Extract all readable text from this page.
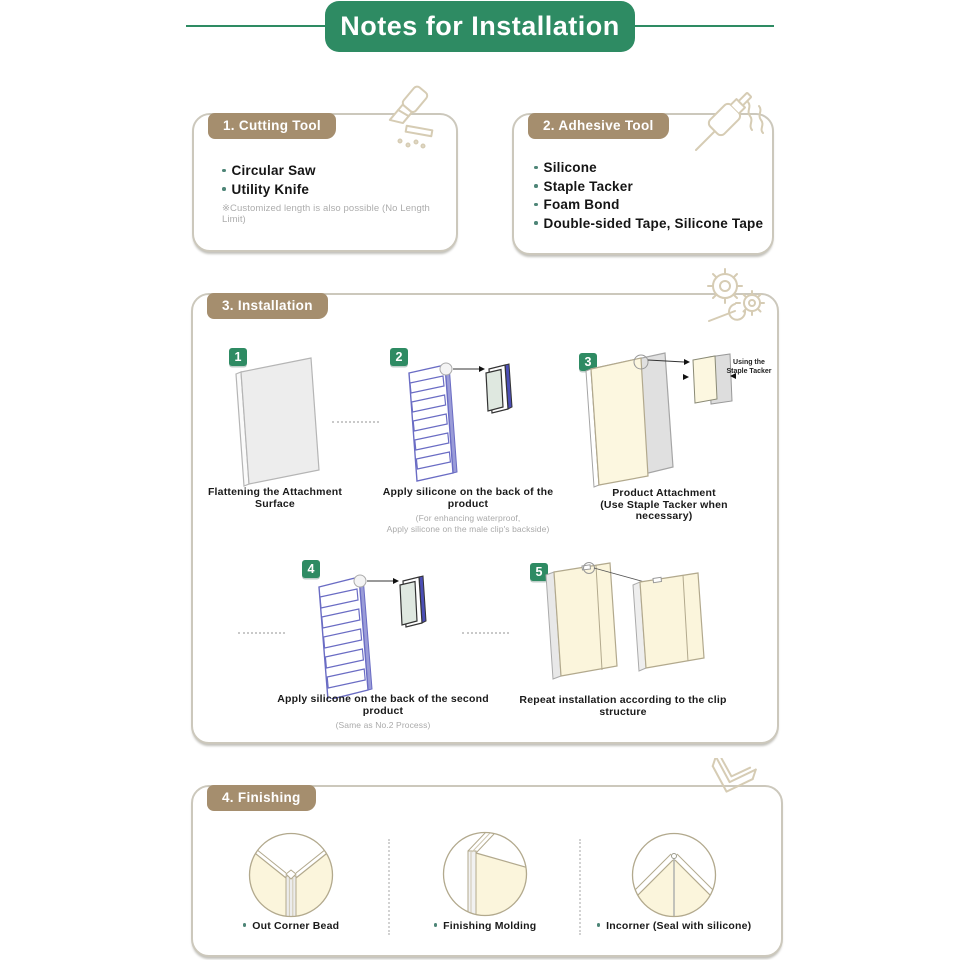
Notes for Installation
1. Cutting Tool
Circular Saw
Utility Knife
※Customized length is also possible (No Length Limit)
2. Adhesive Tool
Silicone
Staple Tacker
Foam Bond
Double-sided Tape, Silicone Tape
3. Installation
1	2	3
4	5
Using the
Staple Tacker
Flattening the Attachment Surface
Apply silicone on the back of the product
(For enhancing waterproof,
Apply silicone on the male clip's backside)
Product Attachment
(Use Staple Tacker when necessary)
Apply silicone on the back of the second product
(Same as No.2 Process)
Repeat installation according to the clip structure
4. Finishing
Out Corner Bead	Finishing Molding	Incorner (Seal with silicone)
